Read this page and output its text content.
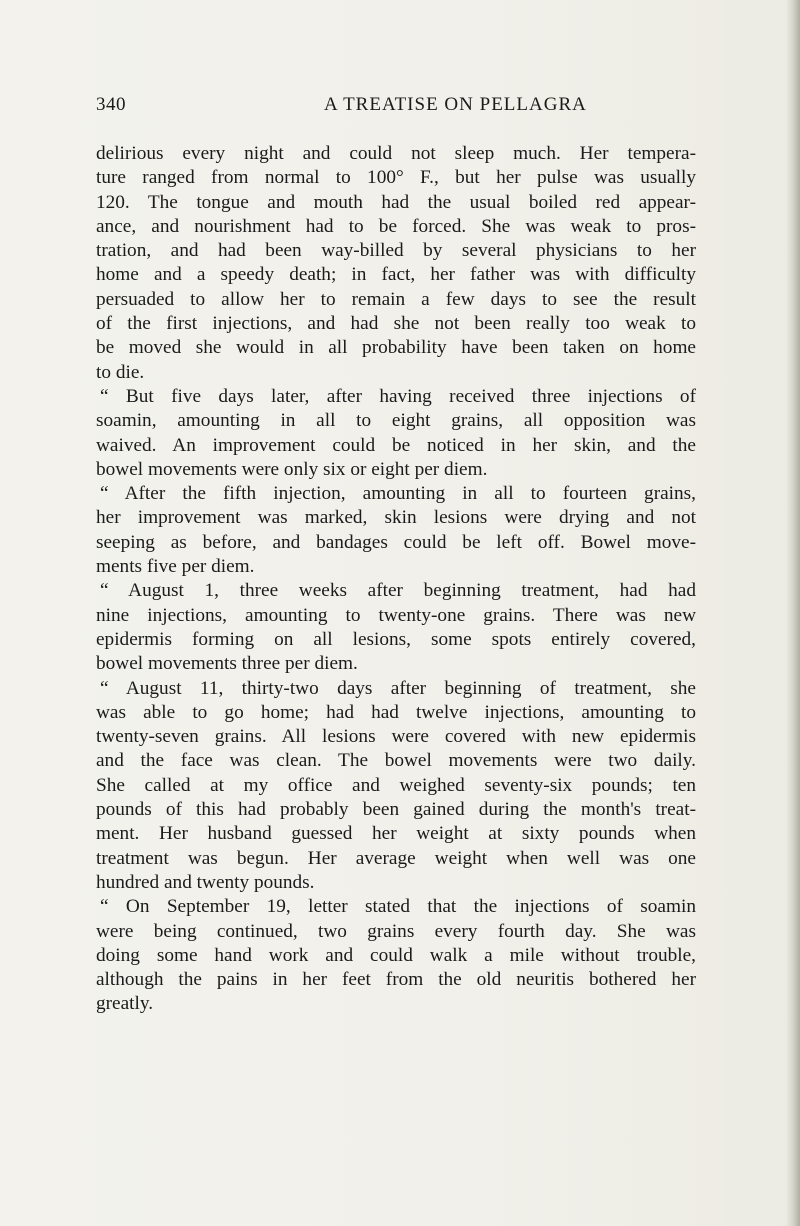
340	A TREATISE ON PELLAGRA
delirious every night and could not sleep much. Her tempera-
ture ranged from normal to 100° F., but her pulse was usually
120. The tongue and mouth had the usual boiled red appear-
ance, and nourishment had to be forced. She was weak to pros-
tration, and had been way-billed by several physicians to her
home and a speedy death; in fact, her father was with difficulty
persuaded to allow her to remain a few days to see the result
of the first injections, and had she not been really too weak to
be moved she would in all probability have been taken on home
to die.
“ But five days later, after having received three injections of
soamin, amounting in all to eight grains, all opposition was
waived. An improvement could be noticed in her skin, and the
bowel movements were only six or eight per diem.
“ After the fifth injection, amounting in all to fourteen grains,
her improvement was marked, skin lesions were drying and not
seeping as before, and bandages could be left off. Bowel move-
ments five per diem.
“ August 1, three weeks after beginning treatment, had had
nine injections, amounting to twenty-one grains. There was new
epidermis forming on all lesions, some spots entirely covered,
bowel movements three per diem.
“ August 11, thirty-two days after beginning of treatment, she
was able to go home; had had twelve injections, amounting to
twenty-seven grains. All lesions were covered with new epidermis
and the face was clean. The bowel movements were two daily.
She called at my office and weighed seventy-six pounds; ten
pounds of this had probably been gained during the month's treat-
ment. Her husband guessed her weight at sixty pounds when
treatment was begun. Her average weight when well was one
hundred and twenty pounds.
“ On September 19, letter stated that the injections of soamin
were being continued, two grains every fourth day. She was
doing some hand work and could walk a mile without trouble,
although the pains in her feet from the old neuritis bothered her
greatly.
